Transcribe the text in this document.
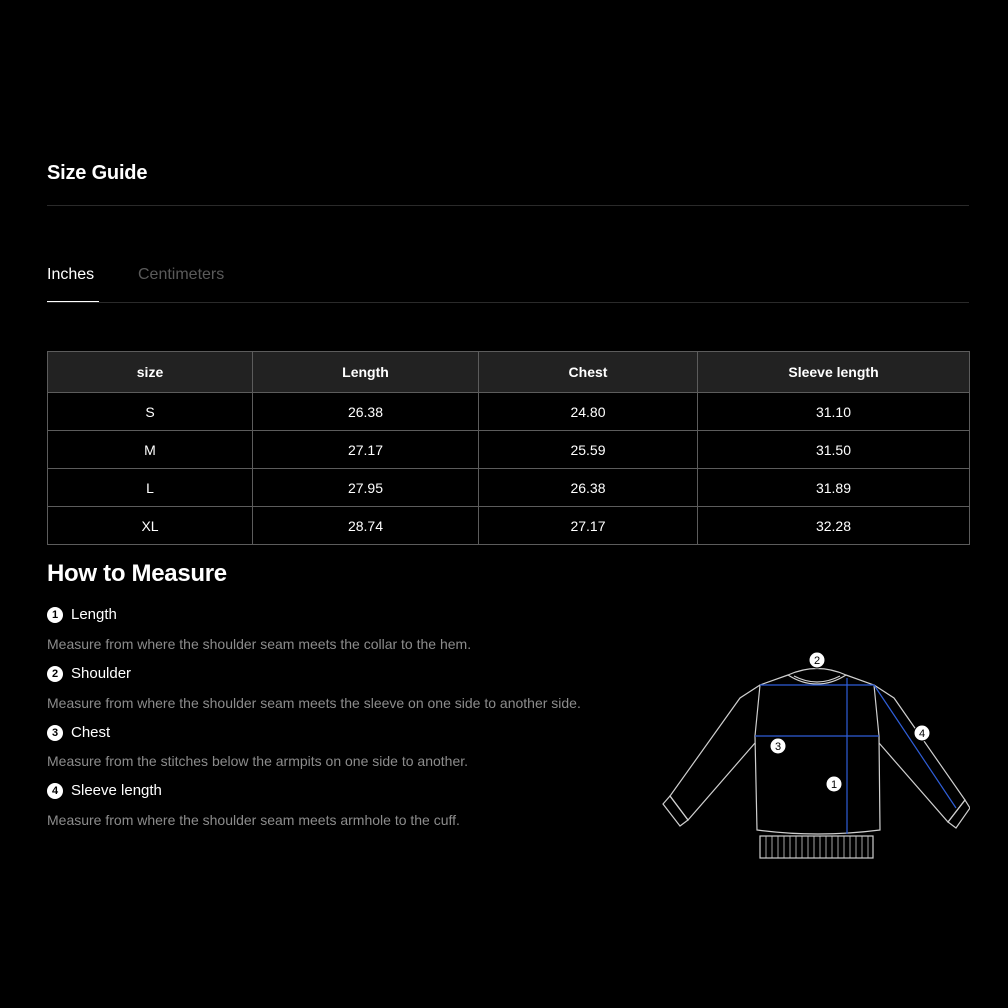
Size Guide
Inches	Centimeters
size	Length	Chest	Sleeve length
S	26.38	24.80	31.10
M	27.17	25.59	31.50
L	27.95	26.38	31.89
XL	28.74	27.17	32.28
How to Measure
1 Length
Measure from where the shoulder seam meets the collar to the hem.
2 Shoulder
Measure from where the shoulder seam meets the sleeve on one side to another side.
3 Chest
Measure from the stitches below the armpits on one side to another.
4 Sleeve length
Measure from where the shoulder seam meets armhole to the cuff.
1
2
3
4
